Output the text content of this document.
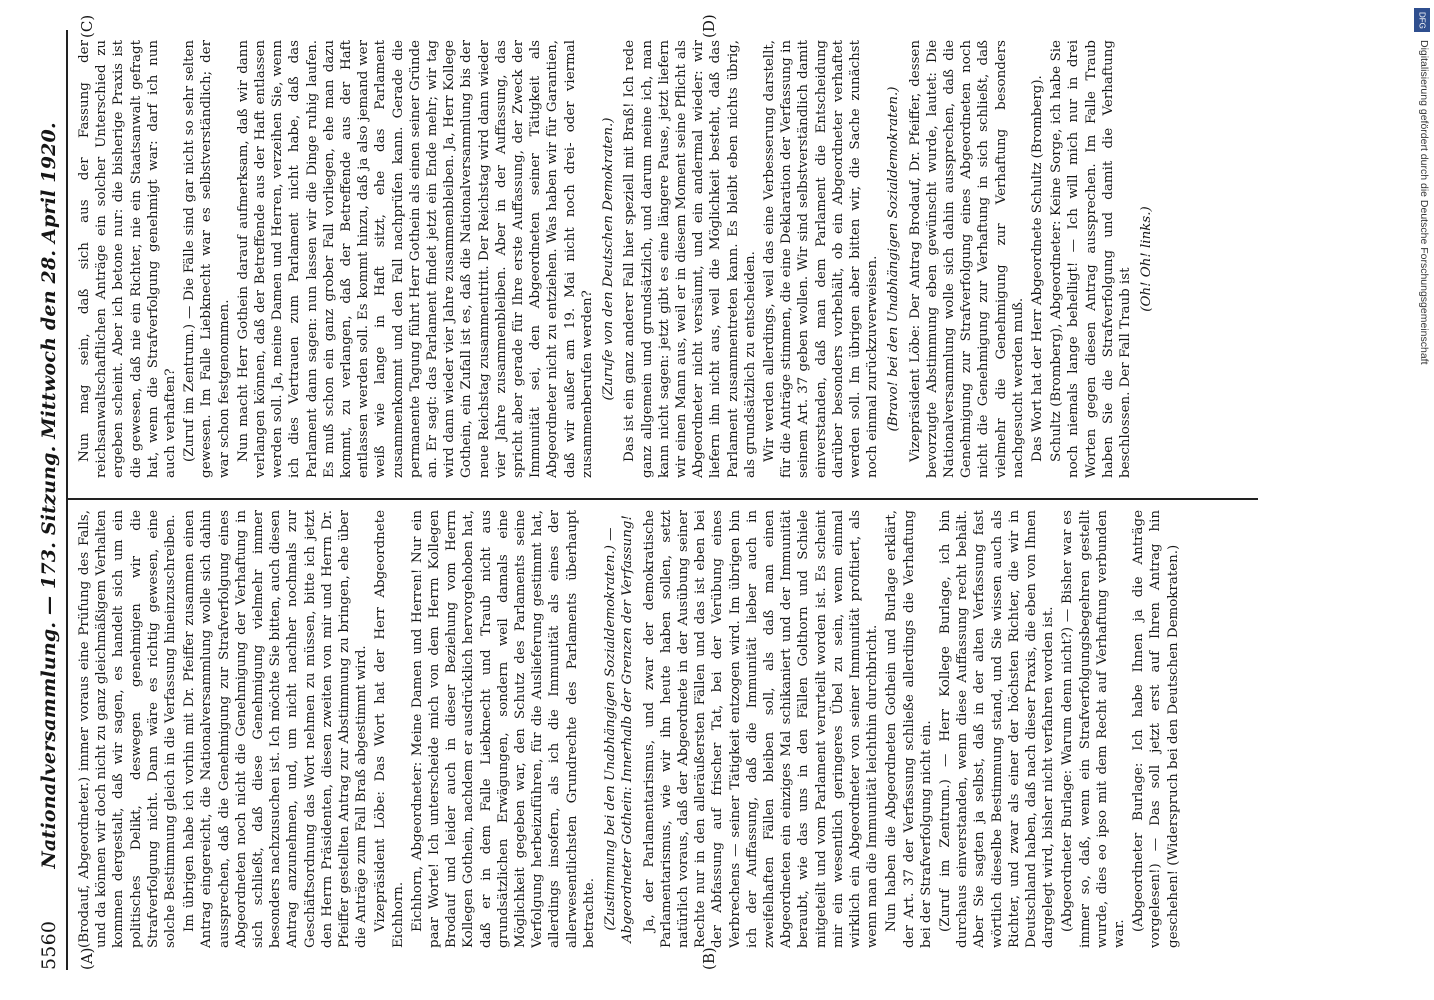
5560
Nationalversammlung. — 173. Sitzung. Mittwoch den 28. April 1920.
(A)	(B)
(C)	(D)

(Brodauf, Abgeordneter.) immer voraus eine Prüfung des Falls, und da können wir doch nicht zu ganz gleichmäßigem Verhalten kommen dergestalt, daß wir sagen, es handelt sich um ein politisches Delikt, deswegen genehmigen wir die Strafverfolgung nicht. Dann wäre es richtig gewesen, eine solche Bestimmung gleich in die Verfassung hineinzuschreiben. Im übrigen habe ich vorhin mit Dr. Pfeiffer zusammen einen Antrag eingereicht, die Nationalversammlung wolle sich dahin aussprechen, daß die Genehmigung zur Strafverfolgung eines Abgeordneten noch nicht die Genehmigung der Verhaftung in sich schließt, daß diese Genehmigung vielmehr immer besonders nachzusuchen ist. Ich möchte Sie bitten, auch diesen Antrag anzunehmen, und, um nicht nachher nochmals zur Geschäftsordnung das Wort nehmen zu müssen, bitte ich jetzt den Herrn Präsidenten, diesen zweiten von mir und Herrn Dr. Pfeiffer gestellten Antrag zur Abstimmung zu bringen, ehe über die Anträge zum Fall Braß abgestimmt wird. Vizepräsident Löbe: Das Wort hat der Herr Abgeordnete Eichhorn. Eichhorn, Abgeordneter: Meine Damen und Herren! Nur ein paar Worte! Ich unterscheide mich von dem Herrn Kollegen Brodauf und leider auch in dieser Beziehung vom Herrn Kollegen Gothein, nachdem er ausdrücklich hervorgehoben hat, daß er in dem Falle Liebknecht und Traub nicht aus grundsätzlichen Erwägungen, sondern weil damals eine Möglichkeit gegeben war, den Schutz des Parlaments seine Verfolgung herbeizuführen, für die Auslieferung gestimmt hat, allerdings insofern, als ich die Immunität als eines der allerwesentlichsten Grundrechte des Parlaments überhaupt betrachte. (Zustimmung bei den Unabhängigen Sozialdemokraten.) — Abgeordneter Gothein: Innerhalb der Grenzen der Verfassung! Ja, der Parlamentarismus, und zwar der demokratische Parlamentarismus, wie wir ihn heute haben sollen, setzt natürlich voraus, daß der Abgeordnete in der Ausübung seiner Rechte nur in den alleräußersten Fällen und das ist eben bei der Abfassung auf frischer Tat, bei der Verübung eines Verbrechens — seiner Tätigkeit entzogen wird. Im übrigen bin ich der Auffassung, daß die Immunität lieber auch in zweifelhaften Fällen bleiben soll, als daß man einen Abgeordneten ein einziges Mal schikaniert und der Immunität beraubt, wie das uns in den Fällen Golthorn und Schiele mitgeteilt und vom Parlament verurteilt worden ist. Es scheint mir ein wesentlich geringeres Übel zu sein, wenn einmal wirklich ein Abgeordneter von seiner Immunität profitiert, als wenn man die Immunität leichthin durchbricht. Nun haben die Abgeordneten Gothein und Burlage erklärt, der Art. 37 der Verfassung schließe allerdings die Verhaftung bei der Strafverfolgung nicht ein. (Zuruf im Zentrum.) — Herr Kollege Burlage, ich bin durchaus einverstanden, wenn diese Auffassung recht behält. Aber Sie sagten ja selbst, daß in der alten Verfassung fast wörtlich dieselbe Bestimmung stand, und Sie wissen auch als Richter, und zwar als einer der höchsten Richter, die wir in Deutschland haben, daß nach dieser Praxis, die eben von Ihnen dargelegt wird, bisher nicht verfahren worden ist. (Abgeordneter Burlage: Warum denn nicht?) — Bisher war es immer so, daß, wenn ein Strafverfolgungsbegehren gestellt wurde, dies eo ipso mit dem Recht auf Verhaftung verbunden war.

(Abgeordneter Burlage: Ich habe Ihnen ja die Anträge vorgelesen!) — Das soll jetzt erst auf Ihren Antrag hin geschehen! (Widerspruch bei den Deutschen Demokraten.)

Nun mag sein, daß sich aus der Fassung der reichsanwaltschaftlichen Anträge ein solcher Unterschied zu ergeben scheint. Aber ich betone nur: die bisherige Praxis ist die gewesen, daß nie ein Richter, nie ein Staatsanwalt gefragt hat, wenn die Strafverfolgung genehmigt war: darf ich nun auch verhaften? (Zuruf im Zentrum.) — Die Fälle sind gar nicht so sehr selten gewesen. Im Falle Liebknecht war es selbstverständlich; der war schon festgenommen. Nun macht Herr Gothein darauf aufmerksam, daß wir dann verlangen können, daß der Betreffende aus der Haft entlassen werden soll. Ja, meine Damen und Herren, verzeihen Sie, wenn ich dies Vertrauen zum Parlament nicht habe, daß das Parlament dann sagen: nun lassen wir die Dinge ruhig laufen. Es muß schon ein ganz grober Fall vorliegen, ehe man dazu kommt, zu verlangen, daß der Betreffende aus der Haft entlassen werden soll. Es kommt hinzu, daß ja also jemand wer weiß wie lange in Haft sitzt, ehe das Parlament zusammenkommt und den Fall nachprüfen kann. Gerade die permanente Tagung führt Herr Gothein als einen seiner Gründe an. Er sagt: das Parlament findet jetzt ein Ende mehr; wir tag wird dann wieder vier Jahre zusammenbleiben. Ja, Herr Kollege Gothein, ein Zufall ist es, daß die Nationalversammlung bis der neue Reichstag zusammentritt. Der Reichstag wird dann wieder vier Jahre zusammenbleiben. Aber in der Auffassung, das spricht aber gerade für Ihre erste Auffassung, der Zweck der Immunität sei, den Abgeordneten seiner Tätigkeit als Abgeordneter nicht zu entziehen. Was haben wir für Garantien, daß wir außer am 19. Mai nicht noch drei- oder viermal zusammenberufen werden? (Zurufe von den Deutschen Demokraten.) Das ist ein ganz anderer Fall hier speziell mit Braß! Ich rede ganz allgemein und grundsätzlich, und darum meine ich, man kann nicht sagen: jetzt gibt es eine längere Pause, jetzt liefern wir einen Mann aus, weil er in diesem Moment seine Pflicht als Abgeordneter nicht versäumt, und ein andermal wieder: wir liefern ihn nicht aus, weil die Möglichkeit besteht, daß das Parlament zusammentreten kann. Es bleibt eben nichts übrig, als grundsätzlich zu entscheiden. Wir werden allerdings, weil das eine Verbesserung darstellt, für die Anträge stimmen, die eine Deklaration der Verfassung in seinem Art. 37 geben wollen. Wir sind selbstverständlich damit einverstanden, daß man dem Parlament die Entscheidung darüber besonders vorbehält, ob ein Abgeordneter verhaftet werden soll. Im übrigen aber bitten wir, die Sache zunächst noch einmal zurückzuverweisen. (Bravo! bei den Unabhängigen Sozialdemokraten.) Vizepräsident Löbe: Der Antrag Brodauf, Dr. Pfeiffer, dessen bevorzugte Abstimmung eben gewünscht wurde, lautet: Die Nationalversammlung wolle sich dahin aussprechen, daß die Genehmigung zur Strafverfolgung eines Abgeordneten noch nicht die Genehmigung zur Verhaftung in sich schließt, daß vielmehr die Genehmigung zur Verhaftung besonders nachgesucht werden muß. Das Wort hat der Herr Abgeordnete Schultz (Bromberg). Schultz (Bromberg), Abgeordneter: Keine Sorge, ich habe Sie noch niemals lange behelligt! — Ich will mich nur in drei Worten gegen diesen Antrag aussprechen. Im Falle Traub haben Sie die Strafverfolgung und damit die Verhaftung beschlossen. Der Fall Traub ist

(Oh! Oh! links.)

DFG
Digitalisierung gefördert durch die Deutsche Forschungsgemeinschaft
